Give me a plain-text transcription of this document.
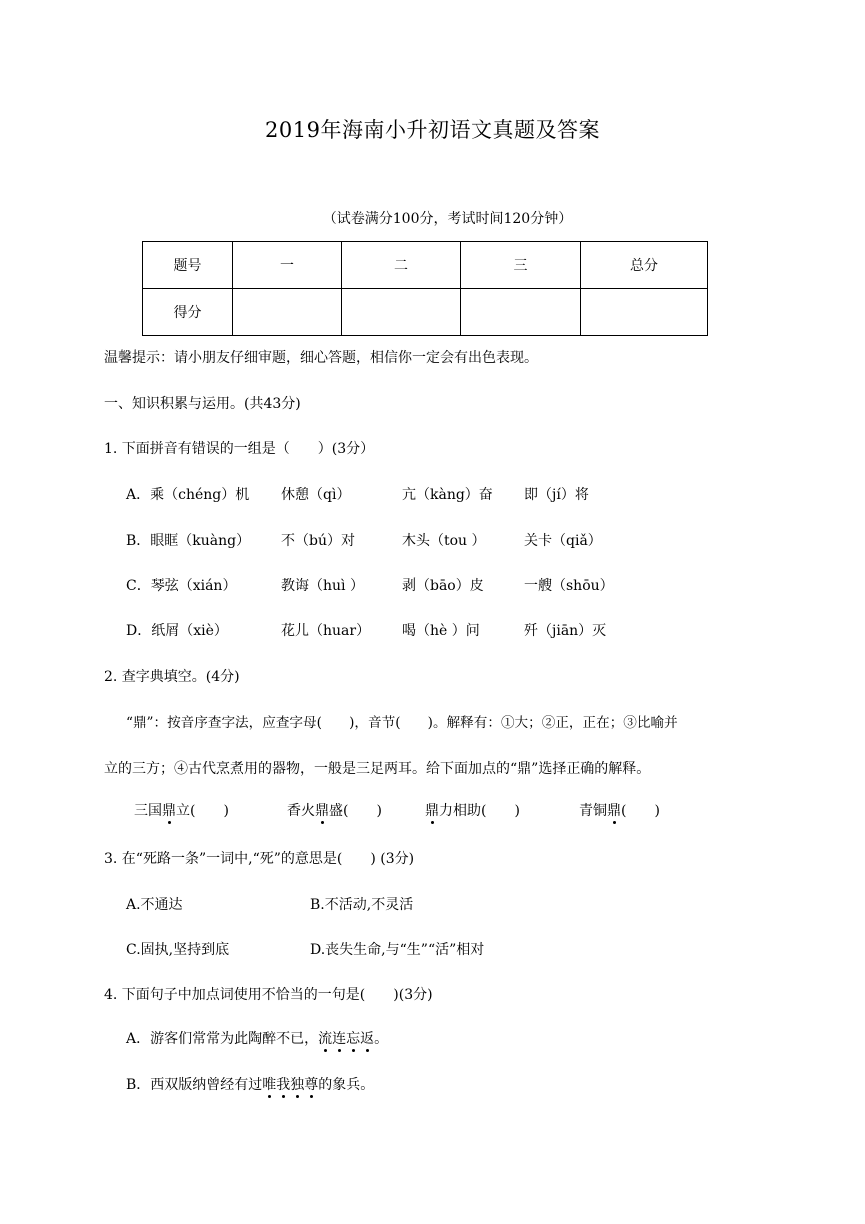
2019年海南小升初语文真题及答案
（试卷满分100分，考试时间120分钟）
题号	一	二	三	总分
得分				
温馨提示：请小朋友仔细审题，细心答题，相信你一定会有出色表现。
一、知识积累与运用。(共43分)
1. 下面拼音有错误的一组是（　　）(3分）
A．乘（chéng）机 休憩（qì）	亢（kàng）奋 即（jí）将
B．眼眶（kuàng） 不（bú）对	木头（tou ）	关卡（qiǎ）
C．琴弦（xián）	教诲（huì ）	剥（bāo）皮	一艘（shōu）
D．纸屑（xiè）	花儿（huar） 喝（hè ）问	歼（jiān）灭
2. 查字典填空。(4分)
“鼎”：按音序查字法，应查字母(　　)，音节(　　)。解释有：①大；②正，正在；③比喻并
立的三方；④古代烹煮用的器物，一般是三足两耳。给下面加点的“鼎”选择正确的解释。
三国鼎立(　　)	香火鼎盛(　　)	鼎力相助(　　)	青铜鼎(　　)
3. 在“死路一条”一词中,“死”的意思是(　　) (3分)
A.不通达	B.不活动,不灵活
C.固执,坚持到底	D.丧失生命,与“生”“活”相对
4. 下面句子中加点词使用不恰当的一句是(　　)(3分)
A．游客们常常为此陶醉不已，流连忘返。
B．西双版纳曾经有过唯我独尊的象兵。
